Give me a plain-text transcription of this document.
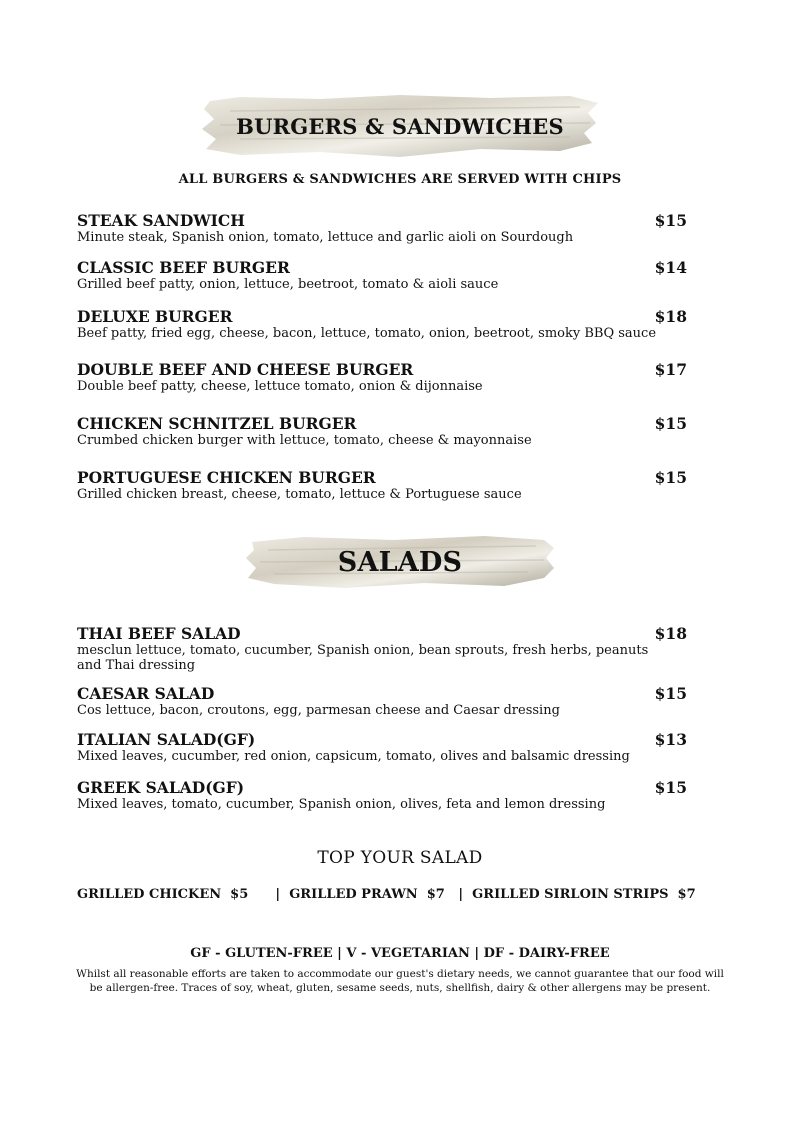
BURGERS & SANDWICHES
ALL BURGERS & SANDWICHES ARE SERVED WITH CHIPS
STEAK SANDWICH	$15
Minute steak, Spanish onion, tomato, lettuce and garlic aioli on Sourdough
CLASSIC BEEF BURGER	$14
Grilled beef patty, onion, lettuce, beetroot, tomato & aioli sauce
DELUXE BURGER	$18
Beef patty, fried egg, cheese, bacon, lettuce, tomato, onion, beetroot, smoky BBQ sauce
DOUBLE BEEF AND CHEESE BURGER	$17
Double beef patty, cheese, lettuce tomato, onion & dijonnaise
CHICKEN SCHNITZEL BURGER	$15
Crumbed chicken burger with lettuce, tomato, cheese & mayonnaise
PORTUGUESE CHICKEN BURGER	$15
Grilled chicken breast, cheese, tomato, lettuce & Portuguese sauce
SALADS
THAI BEEF SALAD	$18
mesclun lettuce, tomato, cucumber, Spanish onion, bean sprouts, fresh herbs, peanuts and Thai dressing
CAESAR SALAD	$15
Cos lettuce, bacon, croutons, egg, parmesan cheese and Caesar dressing
ITALIAN SALAD(GF)	$13
Mixed leaves, cucumber, red onion, capsicum, tomato, olives and balsamic dressing
GREEK SALAD(GF)	$15
Mixed leaves, tomato, cucumber, Spanish onion, olives, feta and lemon dressing
TOP YOUR SALAD
GRILLED CHICKEN  $5      |  GRILLED PRAWN  $7   |  GRILLED SIRLOIN STRIPS  $7
GF - GLUTEN-FREE | V - VEGETARIAN | DF - DAIRY-FREE
Whilst all reasonable efforts are taken to accommodate our guest's dietary needs, we cannot guarantee that our food will be allergen-free. Traces of soy, wheat, gluten, sesame seeds, nuts, shellfish, dairy & other allergens may be present.
